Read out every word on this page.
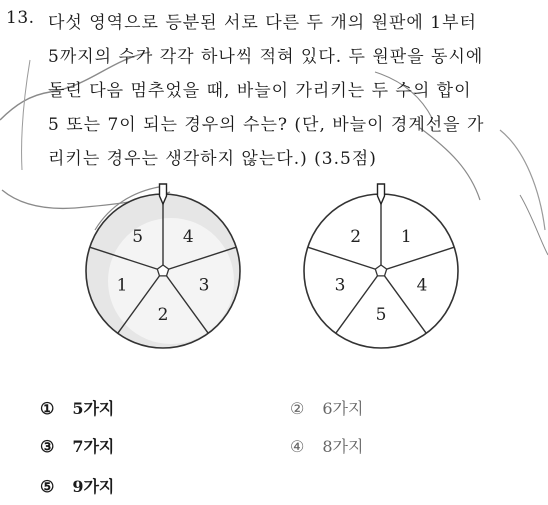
13. 다섯 영역으로 등분된 서로 다른 두 개의 원판에 1부터
5까지의 수가 각각 하나씩 적혀 있다. 두 원판을 동시에
돌린 다음 멈추었을 때, 바늘이 가리키는 두 수의 합이
5 또는 7이 되는 경우의 수는? (단, 바늘이 경계선을 가
리키는 경우는 생각하지 않는다.) (3.5점)
4
3
2
1
5	1
4
5
3
2
① 5가지	② 6가지
③ 7가지	④ 8가지
⑤ 9가지
